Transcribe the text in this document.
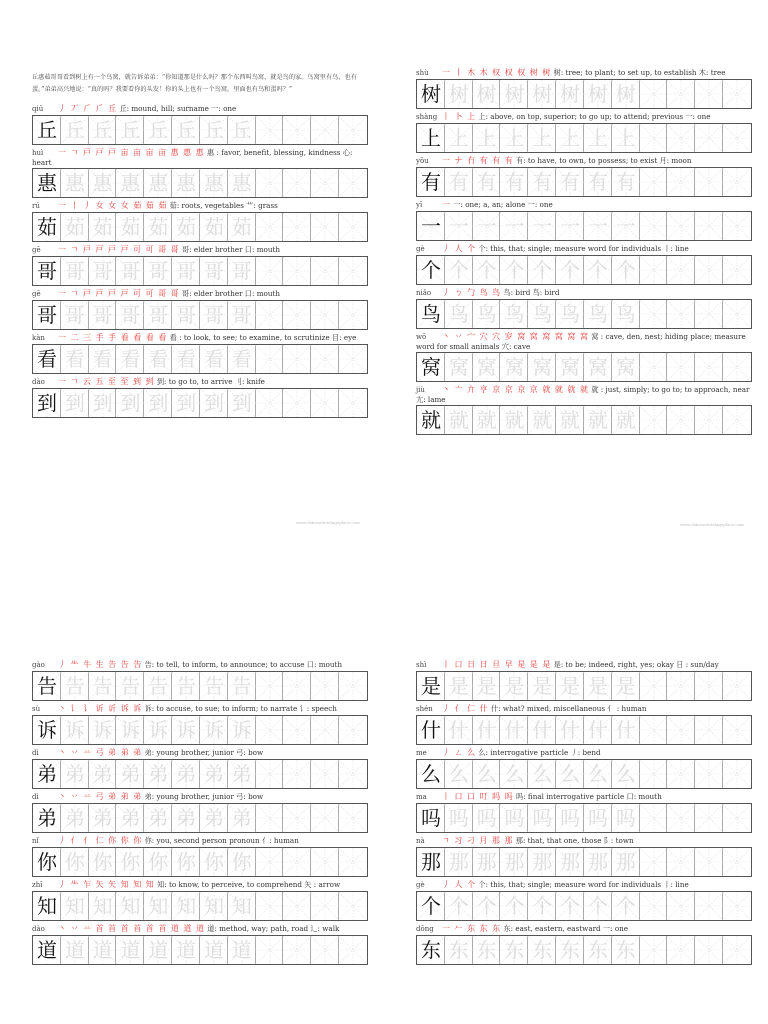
丘惠茹哥哥看到树上有一个鸟窝，就告诉弟弟：“你知道那是什么吗？那个东西叫鸟窝，就是鸟的家。鸟窝里有鸟，也有蛋。”弟弟高兴地说：“真的吗？我要看你的头发！你的头上也有一个鸟窝，里面也有鸟和蛋吗？”
qiū 丿 丆 ⺁ ⺁ 丘 丘: mound, hill; surname 一: one
丘 丘 丘 丘 丘 丘 丘 丘
huì 一 ㄱ 戸 戸 戸 亩 亩 亩 亩 惠 惠 惠 惠 : favor, benefit, blessing, kindness 心: heart
惠 惠 惠 惠 惠 惠 惠 惠
rú 一 丨 丿 女 女 女 茹 茹 茹 茹: roots, vegetables 艹: grass
茹 茹 茹 茹 茹 茹 茹 茹
gē 一 ㄱ 戸 戸 戸 戸 可 可 哥 哥 哥: elder brother 口: mouth
哥 哥 哥 哥 哥 哥 哥 哥
gē 一 ㄱ 戸 戸 戸 戸 可 可 哥 哥 哥: elder brother 口: mouth
哥 哥 哥 哥 哥 哥 哥 哥
kàn 一 二 三 手 手 看 看 看 看 看 : to look, to see; to examine, to scrutinize 目: eye
看 看 看 看 看 看 看 看
dào 一 ㄱ 云 五 至 至 到 到 到: to go to, to arrive 刂: knife
到 到 到 到 到 到 到 到
shù 一 丨 木 木 权 权 权 树 树 树: tree; to plant; to set up, to establish 木: tree
树 树 树 树 树 树 树 树
shàng 丨 卜 上 上: above, on top, superior; to go up; to attend; previous 一: one
上 上 上 上 上 上 上 上
yǒu 一 ナ 冇 有 有 有 有: to have, to own, to possess; to exist 月: moon
有 有 有 有 有 有 有 有
yī 一 一: one; a, an; alone 一: one
一 一 一 一 一 一 一 一
gè 丿 人 个 个: this, that; single; measure word for individuals 丨: line
个 个 个 个 个 个 个 个
niǎo 丿 ㄅ 勹 鸟 鸟 鸟: bird 鸟: bird
鸟 鸟 鸟 鸟 鸟 鸟 鸟 鸟
wō 丶 丷 宀 穴 穴 穸 窝 窝 窝 窝 窝 窝 窝 : cave, den, nest; hiding place; measure word for small animals 穴: cave
窝 窝 窝 窝 窝 窝 窝 窝
jiù 丶 亠 亣 亨 京 京 京 京 就 就 就 就 就 : just, simply; to go to; to approach, near 尢: lame
就 就 就 就 就 就 就 就
gào 丿 ⺧ 牛 生 告 告 告 告: to tell, to inform, to announce; to accuse 口: mouth
告 告 告 告 告 告 告 告
sù 丶 讠 讠 䜣 䜣 诉 诉 诉: to accuse, to sue; to inform; to narrate 讠: speech
诉 诉 诉 诉 诉 诉 诉 诉
dì 丶 丷 䒑 弓 弟 弟 弟 弟: young brother, junior 弓: bow
弟 弟 弟 弟 弟 弟 弟 弟
dì 丶 丷 䒑 弓 弟 弟 弟 弟: young brother, junior 弓: bow
弟 弟 弟 弟 弟 弟 弟 弟
nǐ 丿 亻 亻 仁 你 你 你 你: you, second person pronoun 亻: human
你 你 你 你 你 你 你 你
zhī 丿 ⺧ 乍 矢 矢 知 知 知 知: to know, to perceive, to comprehend 矢 : arrow
知 知 知 知 知 知 知 知
dào 丶 丷 䒑 首 首 首 首 首 首 道 道 道 道: method, way; path, road 辶: walk
道 道 道 道 道 道 道 道
shì 丨 口 日 日 旦 早 是 是 是 是: to be; indeed, right, yes; okay 日 : sun/day
是 是 是 是 是 是 是 是
shén 丿 亻 仁 什 什: what? mixed, miscellaneous 亻 : human
什 什 什 什 什 什 什 什
me 丿 ㄥ 么 么: interrogative particle 丿: bend
么 么 么 么 么 么 么 么
ma 丨 口 口 叮 吗 吗 吗: final interrogative particle 口: mouth
吗 吗 吗 吗 吗 吗 吗 吗
nà ㄱ 习 刁 月 那 那 那: that, that one, those 阝: town
那 那 那 那 那 那 那 那
gè 丿 人 个 个: this, that; single; measure word for individuals 丨: line
个 个 个 个 个 个 个 个
dōng 一 𠂉 东 东 东 东: east, eastern, eastward 一: one
东 东 东 东 东 东 东 东
www.chinesetutelageplace.com	www.chinesetutelageplace.com
